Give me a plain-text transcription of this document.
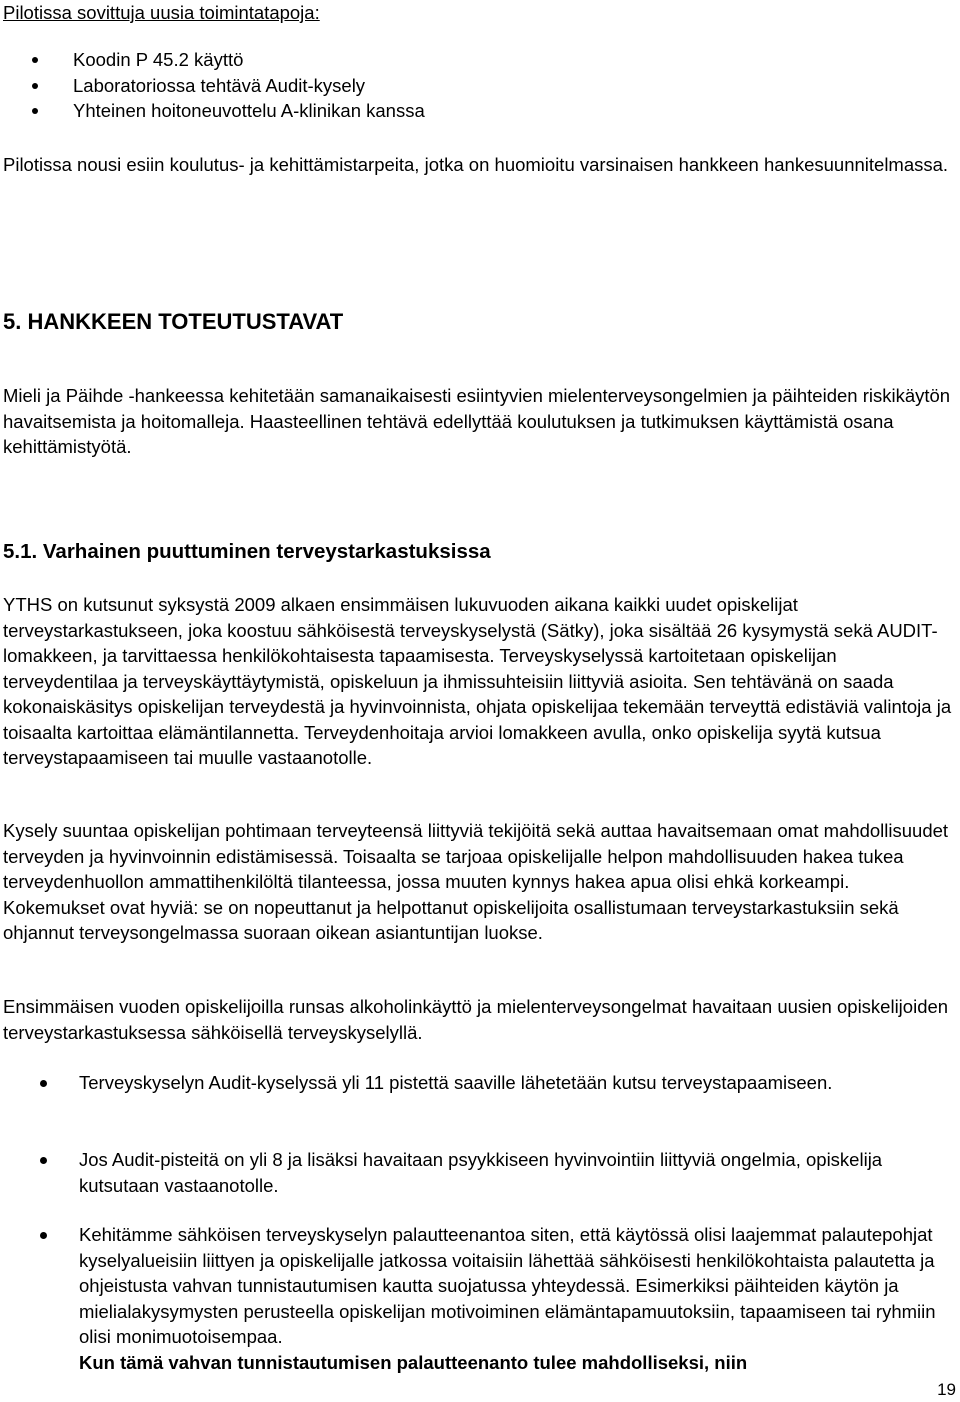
Pilotissa sovittuja uusia toimintatapoja:
Koodin P 45.2 käyttö
Laboratoriossa tehtävä Audit-kysely
Yhteinen hoitoneuvottelu A-klinikan kanssa

Pilotissa nousi esiin koulutus- ja kehittämistarpeita, jotka on huomioitu varsinaisen hankkeen hankesuunnitelmassa.

5. HANKKEEN TOTEUTUSTAVAT

Mieli ja Päihde -hankeessa kehitetään samanaikaisesti esiintyvien mielenterveysongelmien ja päihteiden riskikäytön havaitsemista ja hoitomalleja. Haasteellinen tehtävä edellyttää koulutuksen ja tutkimuksen käyttämistä osana kehittämistyötä.

5.1. Varhainen puuttuminen terveystarkastuksissa

YTHS on kutsunut syksystä 2009 alkaen ensimmäisen lukuvuoden aikana kaikki uudet opiskelijat terveystarkastukseen, joka koostuu sähköisestä terveyskyselystä (Sätky), joka sisältää 26 kysymystä sekä AUDIT-lomakkeen, ja tarvittaessa henkilökohtaisesta tapaamisesta. Terveyskyselyssä kartoitetaan opiskelijan terveydentilaa ja terveyskäyttäytymistä, opiskeluun ja ihmissuhteisiin liittyviä asioita. Sen tehtävänä on saada kokonaiskäsitys opiskelijan terveydestä ja hyvinvoinnista, ohjata opiskelijaa tekemään terveyttä edistäviä valintoja ja toisaalta kartoittaa elämäntilannetta. Terveydenhoitaja arvioi lomakkeen avulla, onko opiskelija syytä kutsua terveystapaamiseen tai muulle vastaanotolle.

Kysely suuntaa opiskelijan pohtimaan terveyteensä liittyviä tekijöitä sekä auttaa havaitsemaan omat mahdollisuudet terveyden ja hyvinvoinnin edistämisessä. Toisaalta se tarjoaa opiskelijalle helpon mahdollisuuden hakea tukea terveydenhuollon ammattihenkilöltä tilanteessa, jossa muuten kynnys hakea apua olisi ehkä korkeampi. Kokemukset ovat hyviä: se on nopeuttanut ja helpottanut opiskelijoita osallistumaan terveystarkastuksiin sekä ohjannut terveysongelmassa suoraan oikean asiantuntijan luokse.

Ensimmäisen vuoden opiskelijoilla runsas alkoholinkäyttö ja mielenterveysongelmat havaitaan uusien opiskelijoiden terveystarkastuksessa sähköisellä terveyskyselyllä.

Terveyskyselyn Audit-kyselyssä yli 11 pistettä saaville lähetetään kutsu terveystapaamiseen.
Jos Audit-pisteitä on yli 8 ja lisäksi havaitaan psyykkiseen hyvinvointiin liittyviä ongelmia, opiskelija kutsutaan vastaanotolle.
Kehitämme sähköisen terveyskyselyn palautteenantoa siten, että käytössä olisi laajemmat palautepohjat kyselyalueisiin liittyen ja opiskelijalle jatkossa voitaisiin lähettää sähköisesti henkilökohtaista palautetta ja ohjeistusta vahvan tunnistautumisen kautta suojatussa yhteydessä. Esimerkiksi päihteiden käytön ja mielialakysymysten perusteella opiskelijan motivoiminen elämäntapamuutoksiin, tapaamiseen tai ryhmiin olisi monimuotoisempaa.
Kun tämä vahvan tunnistautumisen palautteenanto tulee mahdolliseksi, niin
19
